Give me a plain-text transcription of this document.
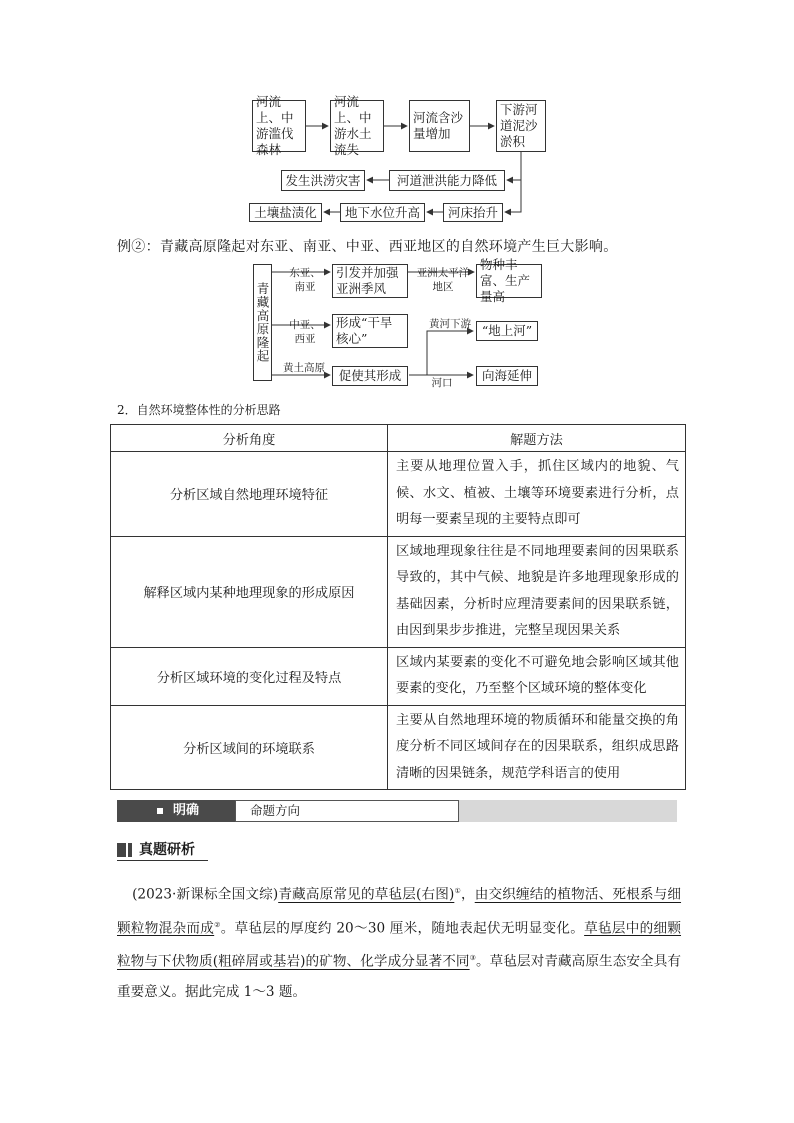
河流上、中游滥伐森林
河流上、中游水土流失
河流含沙量增加
下游河道泥沙淤积
河道泄洪能力降低
发生洪涝灾害
河床抬升
地下水位升高
土壤盐渍化
例②：青藏高原隆起对东亚、南亚、中亚、西亚地区的自然环境产生巨大影响。
青藏高原隆起
东亚、南亚
引发并加强亚洲季风
亚洲太平洋地区
物种丰富、生产量高
中亚、西亚
形成“干旱核心”
黄土高原 促使其形成
黄河下游 “地上河”
河口 向海延伸
2．自然环境整体性的分析思路
分析角度	解题方法
分析区域自然地理环境特征	主要从地理位置入手，抓住区域内的地貌、气候、水文、植被、土壤等环境要素进行分析，点明每一要素呈现的主要特点即可
解释区域内某种地理现象的形成原因	区域地理现象往往是不同地理要素间的因果联系导致的，其中气候、地貌是许多地理现象形成的基础因素，分析时应理清要素间的因果联系链，由因到果步步推进，完整呈现因果关系
分析区域环境的变化过程及特点	区域内某要素的变化不可避免地会影响区域其他要素的变化，乃至整个区域环境的整体变化
分析区域间的环境联系	主要从自然地理环境的物质循环和能量交换的角度分析不同区域间存在的因果联系，组织成思路清晰的因果链条，规范学科语言的使用
明确	命题方向
真题研析
　 (2023·新课标全国文综)青藏高原常见的草毡层(右图)①，由交织缠结的植物活、死根系与细颗粒物混杂而成②。草毡层的厚度约 20～30 厘米，随地表起伏无明显变化。草毡层中的细颗粒物与下伏物质(粗碎屑或基岩)的矿物、化学成分显著不同③。草毡层对青藏高原生态安全具有重要意义。据此完成 1～3 题。
